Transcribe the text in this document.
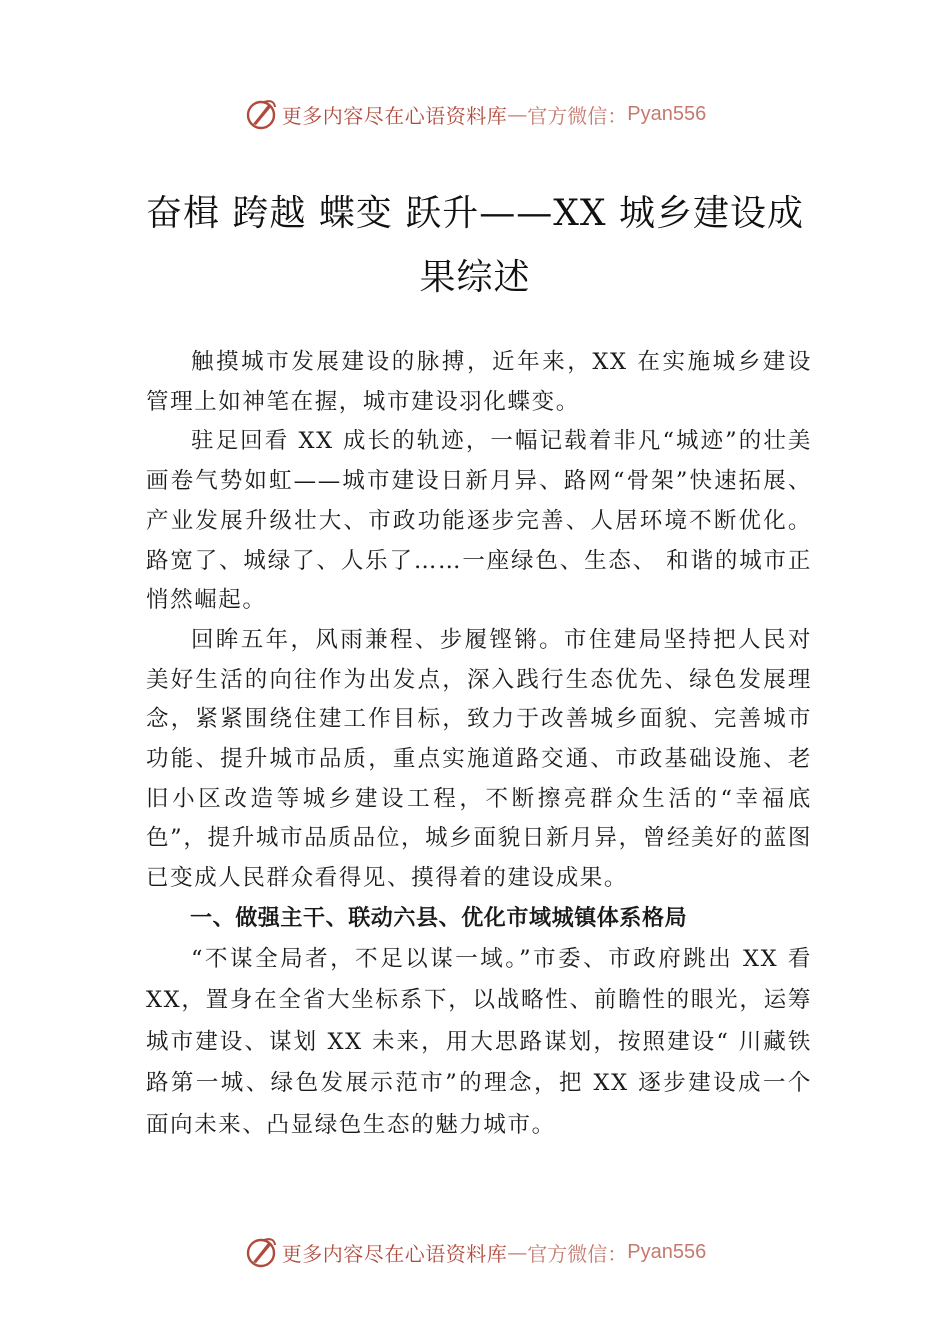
更多内容尽在心语资料库 — 官方微信： Pyan556
奋楫 跨越 蝶变 跃升——XX 城乡建设成
果综述

触摸城市发展建设的脉搏，近年来，XX 在实施城乡建设管理上如神笔在握，城市建设羽化蝶变。

驻足回看 XX 成长的轨迹，一幅记载着非凡“城迹”的壮美画卷气势如虹——城市建设日新月异、路网“骨架”快速拓展、产业发展升级壮大、市政功能逐步完善、人居环境不断优化。路宽了、城绿了、人乐了……一座绿色、生态、 和谐的城市正悄然崛起。

回眸五年，风雨兼程、步履铿锵。市住建局坚持把人民对美好生活的向往作为出发点，深入践行生态优先、绿色发展理念，紧紧围绕住建工作目标，致力于改善城乡面貌、完善城市功能、提升城市品质，重点实施道路交通、市政基础设施、老旧小区改造等城乡建设工程，不断擦亮群众生活的“幸福底色”，提升城市品质品位，城乡面貌日新月异，曾经美好的蓝图已变成人民群众看得见、摸得着的建设成果。

一、做强主干、联动六县、优化市域城镇体系格局

“不谋全局者，不足以谋一域。”市委、市政府跳出 XX 看 XX，置身在全省大坐标系下，以战略性、前瞻性的眼光，运筹城市建设、谋划 XX 未来，用大思路谋划，按照建设“ 川藏铁路第一城、绿色发展示范市”的理念，把 XX 逐步建设成一个面向未来、凸显绿色生态的魅力城市。

更多内容尽在心语资料库 — 官方微信： Pyan556
